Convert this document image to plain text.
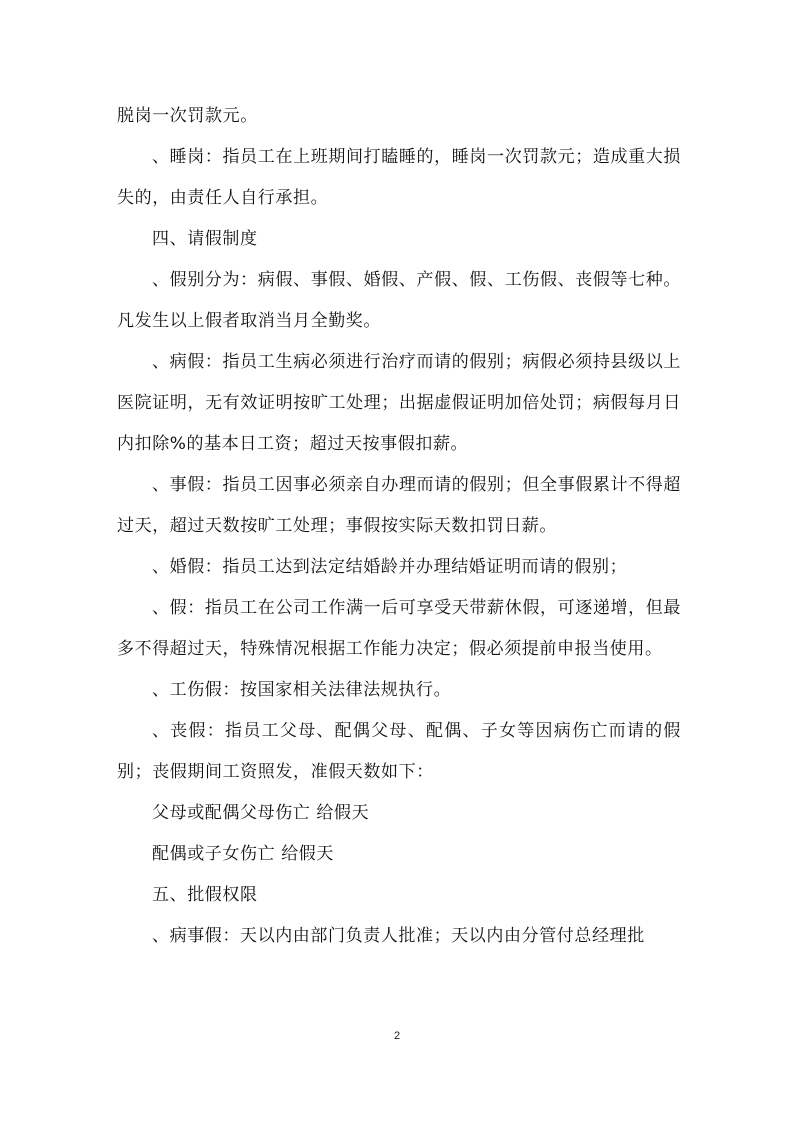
脱岗一次罚款元。

、睡岗：指员工在上班期间打瞌睡的，睡岗一次罚款元；造成重大损失的，由责任人自行承担。

四、请假制度

、假别分为：病假、事假、婚假、产假、假、工伤假、丧假等七种。凡发生以上假者取消当月全勤奖。

、病假：指员工生病必须进行治疗而请的假别；病假必须持县级以上医院证明，无有效证明按旷工处理；出据虚假证明加倍处罚；病假每月日内扣除%的基本日工资；超过天按事假扣薪。

、事假：指员工因事必须亲自办理而请的假别；但全事假累计不得超过天，超过天数按旷工处理；事假按实际天数扣罚日薪。

、婚假：指员工达到法定结婚龄并办理结婚证明而请的假别；

、假：指员工在公司工作满一后可享受天带薪休假，可逐递增，但最多不得超过天，特殊情况根据工作能力决定；假必须提前申报当使用。

、工伤假：按国家相关法律法规执行。

、丧假：指员工父母、配偶父母、配偶、子女等因病伤亡而请的假别；丧假期间工资照发，准假天数如下：

父母或配偶父母伤亡 给假天

配偶或子女伤亡 给假天

五、批假权限

、病事假：天以内由部门负责人批准；天以内由分管付总经理批

2
